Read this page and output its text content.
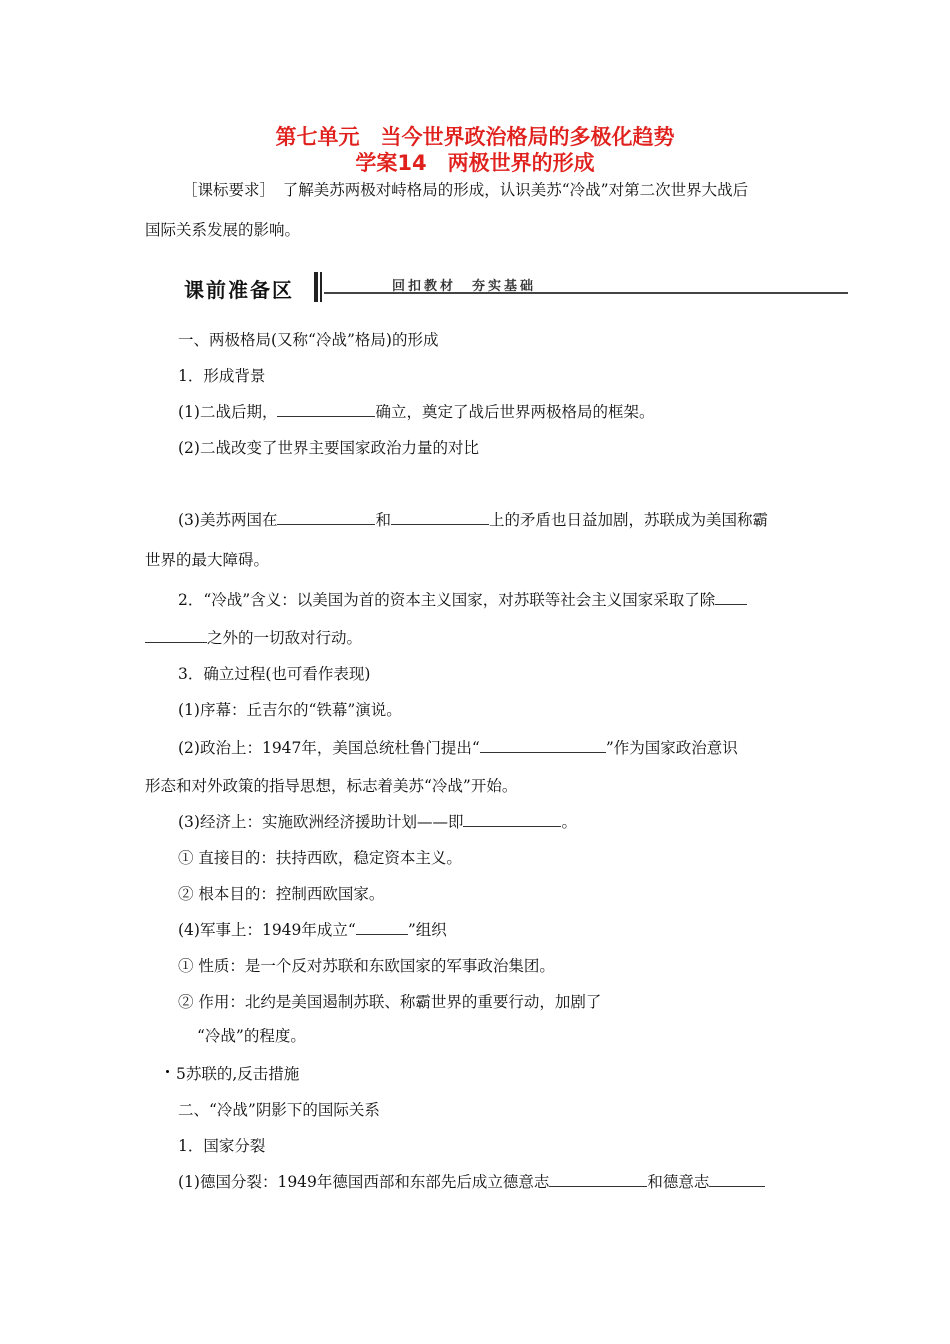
第七单元　当今世界政治格局的多极化趋势
学案14　两极世界的形成
［课标要求］　了解美苏两极对峙格局的形成，认识美苏“冷战”对第二次世界大战后
国际关系发展的影响。
课前准备区	回扣教材　夯实基础
一、两极格局(又称“冷战”格局)的形成
1．形成背景
(1)二战后期，	确立，奠定了战后世界两极格局的框架。
(2)二战改变了世界主要国家政治力量的对比
(3)美苏两国在	和	上的矛盾也日益加剧，苏联成为美国称霸
世界的最大障碍。
2．“冷战”含义：以美国为首的资本主义国家，对苏联等社会主义国家采取了除
之外的一切敌对行动。
3．确立过程(也可看作表现)
(1)序幕：丘吉尔的“铁幕”演说。
(2)政治上：1947年，美国总统杜鲁门提出“	”作为国家政治意识
形态和对外政策的指导思想，标志着美苏“冷战”开始。
(3)经济上：实施欧洲经济援助计划——即	。
① 直接目的：扶持西欧，稳定资本主义。
② 根本目的：控制西欧国家。
(4)军事上：1949年成立“	”组织
① 性质：是一个反对苏联和东欧国家的军事政治集团。
② 作用：北约是美国遏制苏联、称霸世界的重要行动，加剧了
“冷战”的程度。
5苏联的,反击措施
二、“冷战”阴影下的国际关系
1．国家分裂
(1)德国分裂：1949年德国西部和东部先后成立德意志	和德意志
